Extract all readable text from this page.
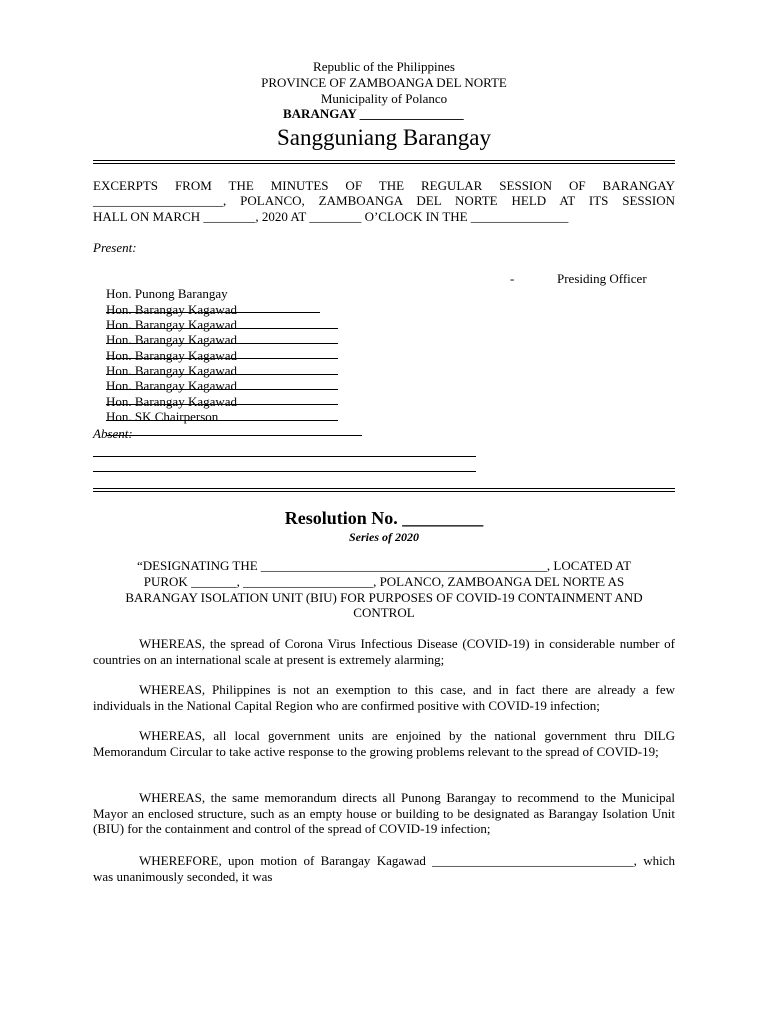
Republic of the Philippines
PROVINCE OF ZAMBOANGA DEL NORTE
Municipality of Polanco
BARANGAY ________________
Sangguniang Barangay
EXCERPTS FROM THE MINUTES OF THE REGULAR SESSION OF BARANGAY
____________________, POLANCO, ZAMBOANGA DEL NORTE HELD AT ITS SESSION
HALL ON MARCH ________, 2020 AT ________ O’CLOCK IN THE _______________
Present:

Hon. Punong Barangay

-	Presiding Officer

Hon. Barangay Kagawad

Hon. Barangay Kagawad

Hon. Barangay Kagawad

Hon. Barangay Kagawad

Hon. Barangay Kagawad

Hon. Barangay Kagawad

Hon. Barangay Kagawad

Hon. SK Chairperson

Absent:
Resolution No. _________
Series of 2020
“DESIGNATING THE ____________________________________________, LOCATED AT
PUROK _______, ____________________, POLANCO, ZAMBOANGA DEL NORTE AS
BARANGAY ISOLATION UNIT (BIU) FOR PURPOSES OF COVID-19 CONTAINMENT AND
CONTROL
WHEREAS, the spread of Corona Virus Infectious Disease (COVID-19) in considerable number of countries on an international scale at present is extremely alarming;
WHEREAS, Philippines is not an exemption to this case, and in fact there are already a few individuals in the National Capital Region who are confirmed positive with COVID-19 infection;
WHEREAS, all local government units are enjoined by the national government thru DILG Memorandum Circular to take active response to the growing problems relevant to the spread of COVID-19;
WHEREAS, the same memorandum directs all Punong Barangay to recommend to the Municipal Mayor an enclosed structure, such as an empty house or building to be designated as Barangay Isolation Unit (BIU) for the containment and control of the spread of COVID-19 infection;
WHEREFORE, upon motion of Barangay Kagawad _______________________________, which was unanimously seconded, it was
